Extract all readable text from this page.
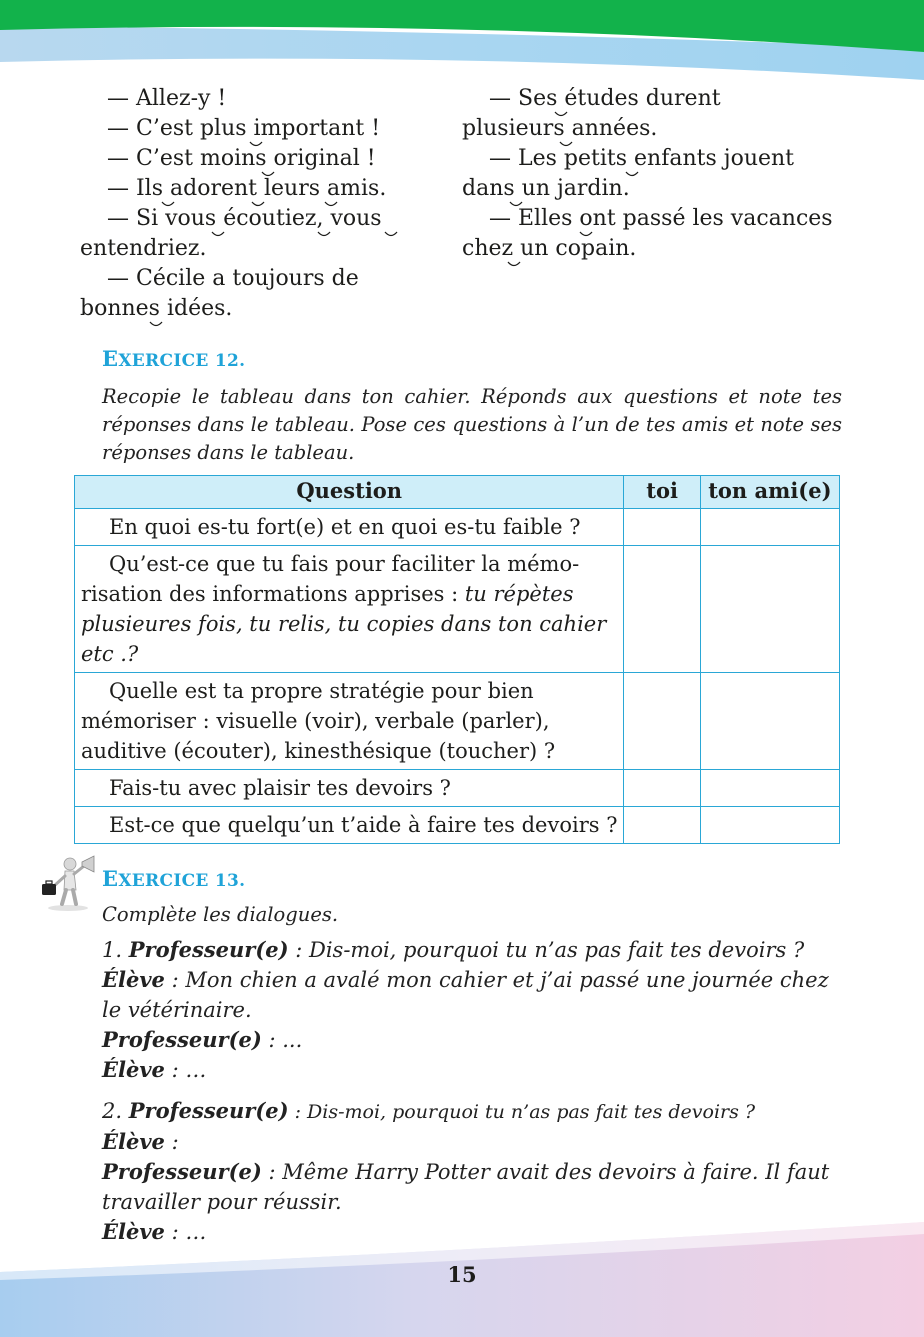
— Allez-y !
— C’est plus important !
— C’est moins original !
— Ils adorent leurs amis.
— Si vous écoutiez, vous
entendriez.
— Cécile a toujours de
bonnes idées.
— Ses études durent
plusieurs années.
— Les petits enfants jouent
dans un jardin.
— Elles ont passé les vacances
chez un copain.
EXERCICE 12.
Recopie le tableau dans ton cahier. Réponds aux questions et note tes réponses dans le tableau. Pose ces questions à l’un de tes amis et note ses réponses dans le tableau.
Question	toi	ton ami(e)

En quoi es-tu fort(e) et en quoi es-tu faible ?		

Qu’est-ce que tu fais pour faciliter la mémorisation des informations apprises : tu répètes plusieures fois, tu relis, tu copies dans ton cahier etc .?		

Quelle est ta propre stratégie pour bien mémoriser : visuelle (voir), verbale (parler), auditive (écouter), kinesthésique (toucher) ?		

Fais-tu avec plaisir tes devoirs ?		

Est-ce que quelqu’un t’aide à faire tes devoirs ?		

EXERCICE 13.
Complète les dialogues.

1. Professeur(e) : Dis-moi, pourquoi tu n’as pas fait tes devoirs ?

Élève : Mon chien a avalé mon cahier et j’ai passé une journée chez le vétérinaire.

Professeur(e) : ...

Élève : …

2. Professeur(e) : Dis-moi, pourquoi tu n’as pas fait tes devoirs ?

Élève :

Professeur(e) : Même Harry Potter avait des devoirs à faire. Il faut travailler pour réussir.

Élève : …

15
